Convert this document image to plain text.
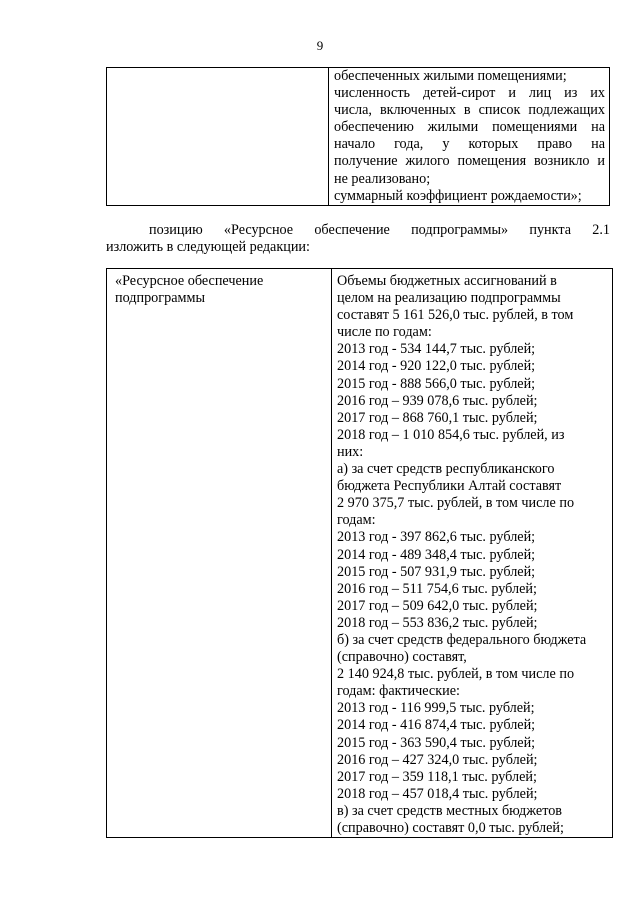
9

обеспеченных жилыми помещениями;
численность детей-сирот и лиц из их
числа, включенных в список подлежащих
обеспечению жилыми помещениями на
начало года, у которых право на
получение жилого помещения возникло и
не реализовано;
суммарный коэффициент рождаемости»;
позицию «Ресурсное обеспечение подпрограммы» пункта 2.1
изложить в следующей редакции:
«Ресурсное обеспечение
подпрограммы

Объемы бюджетных ассигнований в
целом на реализацию подпрограммы
составят 5 161 526,0 тыс. рублей, в том
числе по годам:
2013 год - 534 144,7 тыс. рублей;
2014 год - 920 122,0 тыс. рублей;
2015 год - 888 566,0 тыс. рублей;
2016 год – 939 078,6 тыс. рублей;
2017 год – 868 760,1 тыс. рублей;
2018 год – 1 010 854,6 тыс. рублей, из
них:
а) за счет средств республиканского
бюджета Республики Алтай составят
2 970 375,7 тыс. рублей, в том числе по
годам:
2013 год - 397 862,6 тыс. рублей;
2014 год - 489 348,4 тыс. рублей;
2015 год - 507 931,9 тыс. рублей;
2016 год – 511 754,6 тыс. рублей;
2017 год – 509 642,0 тыс. рублей;
2018 год – 553 836,2 тыс. рублей;
б) за счет средств федерального бюджета
(справочно) составят,
2 140 924,8 тыс. рублей, в том числе по
годам: фактические:
2013 год - 116 999,5 тыс. рублей;
2014 год - 416 874,4 тыс. рублей;
2015 год - 363 590,4 тыс. рублей;
2016 год – 427 324,0 тыс. рублей;
2017 год – 359 118,1 тыс. рублей;
2018 год – 457 018,4 тыс. рублей;
в) за счет средств местных бюджетов
(справочно) составят 0,0 тыс. рублей;
